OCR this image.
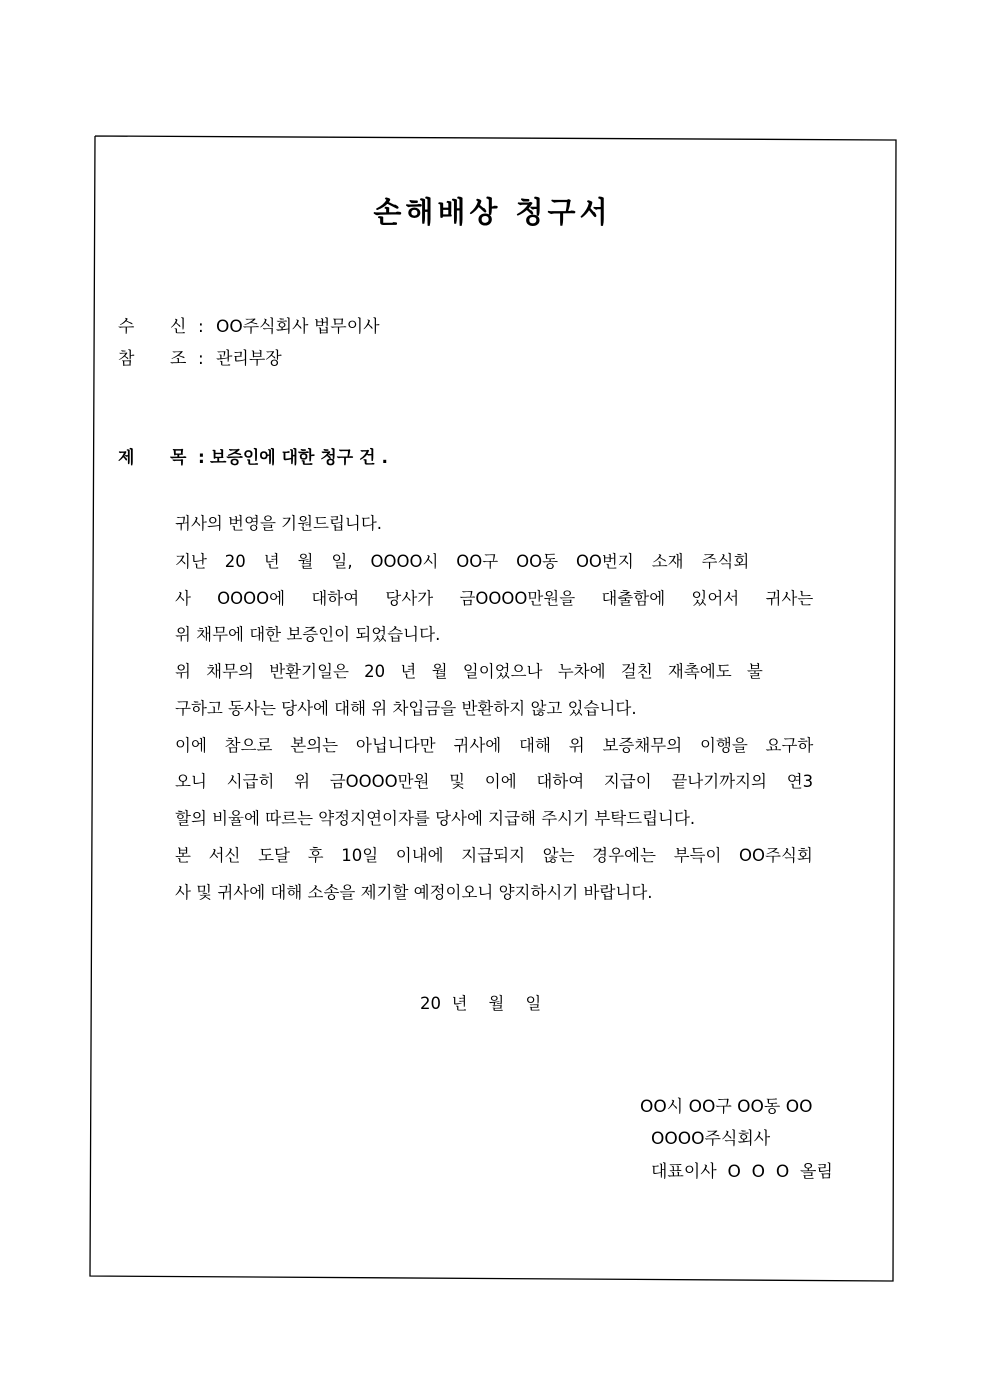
손해배상 청구서
수 신 : OO주식회사 법무이사
참 조 : 관리부장
제 목 : 보증인에 대한 청구 건 .
귀사의 번영을 기원드립니다.
지난 20 년 월 일, OOOO시 OO구 OO동 OO번지 소재 주식회
사 OOOO에 대하여 당사가 금OOOO만원을 대출함에 있어서 귀사는
위 채무에 대한 보증인이 되었습니다.
위 채무의 반환기일은 20 년 월 일이었으나 누차에 걸친 재촉에도 불
구하고 동사는 당사에 대해 위 차입금을 반환하지 않고 있습니다.
이에 참으로 본의는 아닙니다만 귀사에 대해 위 보증채무의 이행을 요구하
오니 시급히 위 금OOOO만원 및 이에 대하여 지급이 끝나기까지의 연3
할의 비율에 따르는 약정지연이자를 당사에 지급해 주시기 부탁드립니다.
본 서신 도달 후 10일 이내에 지급되지 않는 경우에는 부득이 OO주식회
사 및 귀사에 대해 소송을 제기할 예정이오니 양지하시기 바랍니다.
20  년    월    일
OO시 OO구 OO동 OO
OOOO주식회사
대표이사  O  O  O  올림
